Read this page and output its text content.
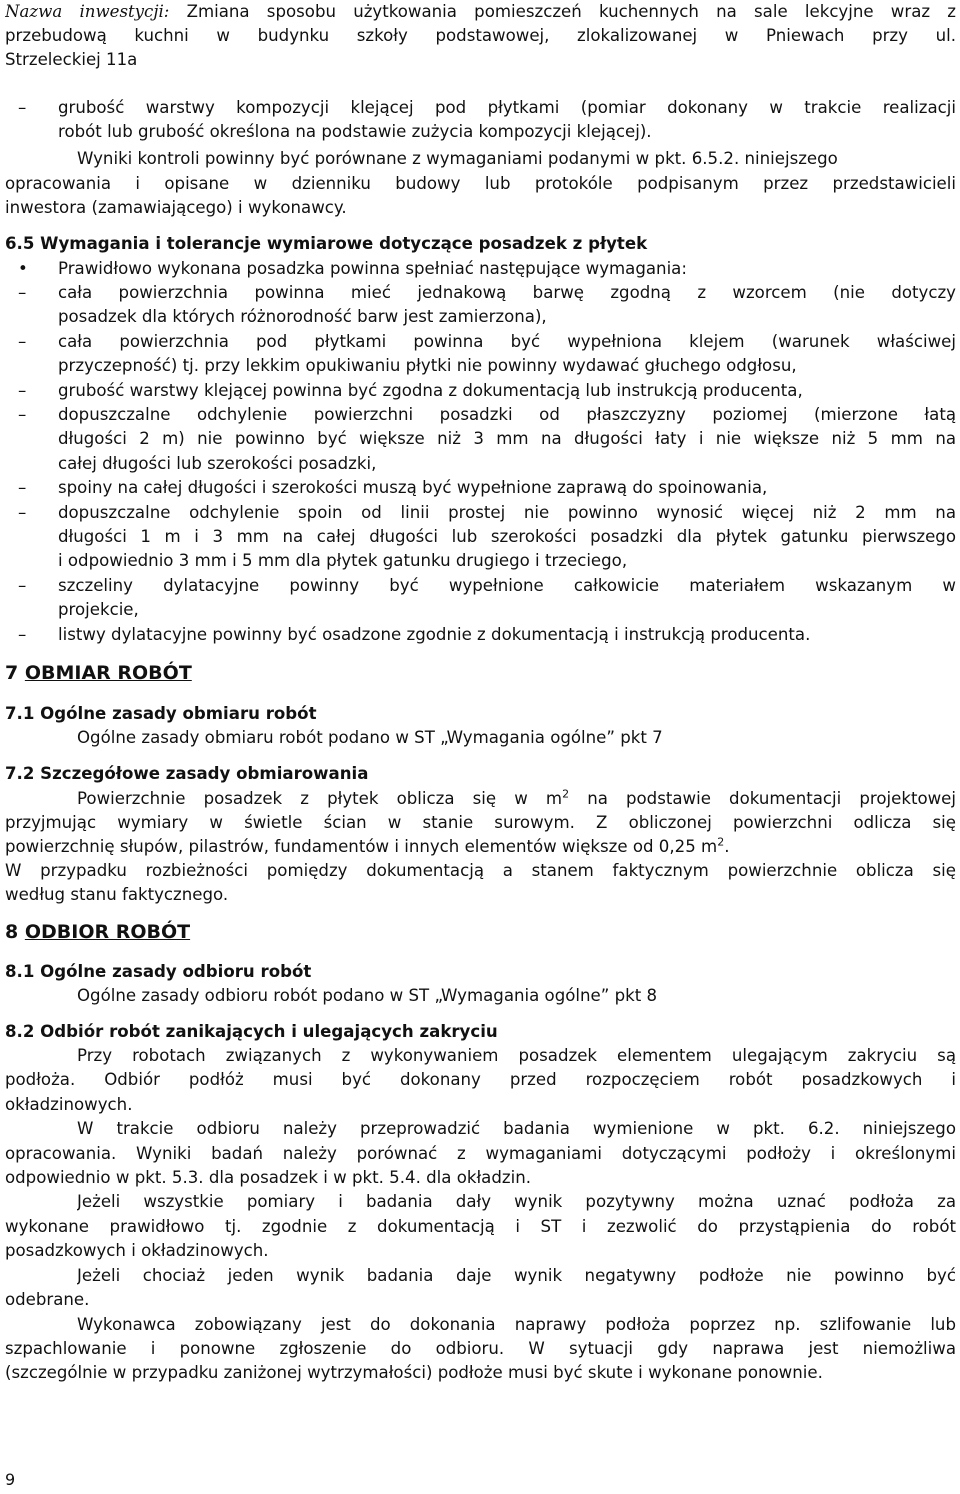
Nazwa inwestycji: Zmiana sposobu użytkowania pomieszczeń kuchennych na sale lekcyjne wraz z
przebudową kuchni w budynku szkoły podstawowej, zlokalizowanej w Pniewach przy ul.
Strzeleckiej 11a
– grubość warstwy kompozycji klejącej pod płytkami (pomiar dokonany w trakcie realizacji
robót lub grubość określona na podstawie zużycia kompozycji klejącej).
Wyniki kontroli powinny być porównane z wymaganiami podanymi w pkt. 6.5.2. niniejszego
opracowania i opisane w dzienniku budowy lub protokóle podpisanym przez przedstawicieli
inwestora (zamawiającego) i wykonawcy.
6.5 Wymagania i tolerancje wymiarowe dotyczące posadzek z płytek
• Prawidłowo wykonana posadzka powinna spełniać następujące wymagania:
– cała powierzchnia powinna mieć jednakową barwę zgodną z wzorcem (nie dotyczy
posadzek dla których różnorodność barw jest zamierzona),
– cała powierzchnia pod płytkami powinna być wypełniona klejem (warunek właściwej
przyczepność) tj. przy lekkim opukiwaniu płytki nie powinny wydawać głuchego odgłosu,
– grubość warstwy klejącej powinna być zgodna z dokumentacją lub instrukcją producenta,
– dopuszczalne odchylenie powierzchni posadzki od płaszczyzny poziomej (mierzone łatą
długości 2 m) nie powinno być większe niż 3 mm na długości łaty i nie większe niż 5 mm na
całej długości lub szerokości posadzki,
– spoiny na całej długości i szerokości muszą być wypełnione zaprawą do spoinowania,
– dopuszczalne odchylenie spoin od linii prostej nie powinno wynosić więcej niż 2 mm na
długości 1 m i 3 mm na całej długości lub szerokości posadzki dla płytek gatunku pierwszego
i odpowiednio 3 mm i 5 mm dla płytek gatunku drugiego i trzeciego,
– szczeliny dylatacyjne powinny być wypełnione całkowicie materiałem wskazanym w
projekcie,
– listwy dylatacyjne powinny być osadzone zgodnie z dokumentacją i instrukcją producenta.
7 OBMIAR ROBÓT
7.1 Ogólne zasady obmiaru robót
Ogólne zasady obmiaru robót podano w ST „Wymagania ogólne” pkt 7
7.2 Szczegółowe zasady obmiarowania
Powierzchnie posadzek z płytek oblicza się w $m^2$ na podstawie dokumentacji projektowej
przyjmując wymiary w świetle ścian w stanie surowym. Z obliczonej powierzchni odlicza się
powierzchnię słupów, pilastrów, fundamentów i innych elementów większe od 0,25 $m^2$.
W przypadku rozbieżności pomiędzy dokumentacją a stanem faktycznym powierzchnie oblicza się
według stanu faktycznego.
8 ODBIOR ROBÓT
8.1 Ogólne zasady odbioru robót
Ogólne zasady odbioru robót podano w ST „Wymagania ogólne” pkt 8
8.2 Odbiór robót zanikających i ulegających zakryciu
Przy robotach związanych z wykonywaniem posadzek elementem ulegającym zakryciu są
podłoża. Odbiór podłóż musi być dokonany przed rozpoczęciem robót posadzkowych i
okładzinowych.
W trakcie odbioru należy przeprowadzić badania wymienione w pkt. 6.2. niniejszego
opracowania. Wyniki badań należy porównać z wymaganiami dotyczącymi podłoży i określonymi
odpowiednio w pkt. 5.3. dla posadzek i w pkt. 5.4. dla okładzin.
Jeżeli wszystkie pomiary i badania dały wynik pozytywny można uznać podłoża za
wykonane prawidłowo tj. zgodnie z dokumentacją i ST i zezwolić do przystąpienia do robót
posadzkowych i okładzinowych.
Jeżeli chociaż jeden wynik badania daje wynik negatywny podłoże nie powinno być
odebrane.
Wykonawca zobowiązany jest do dokonania naprawy podłoża poprzez np. szlifowanie lub
szpachlowanie i ponowne zgłoszenie do odbioru. W sytuacji gdy naprawa jest niemożliwa
(szczególnie w przypadku zaniżonej wytrzymałości) podłoże musi być skute i wykonane ponownie.
9
